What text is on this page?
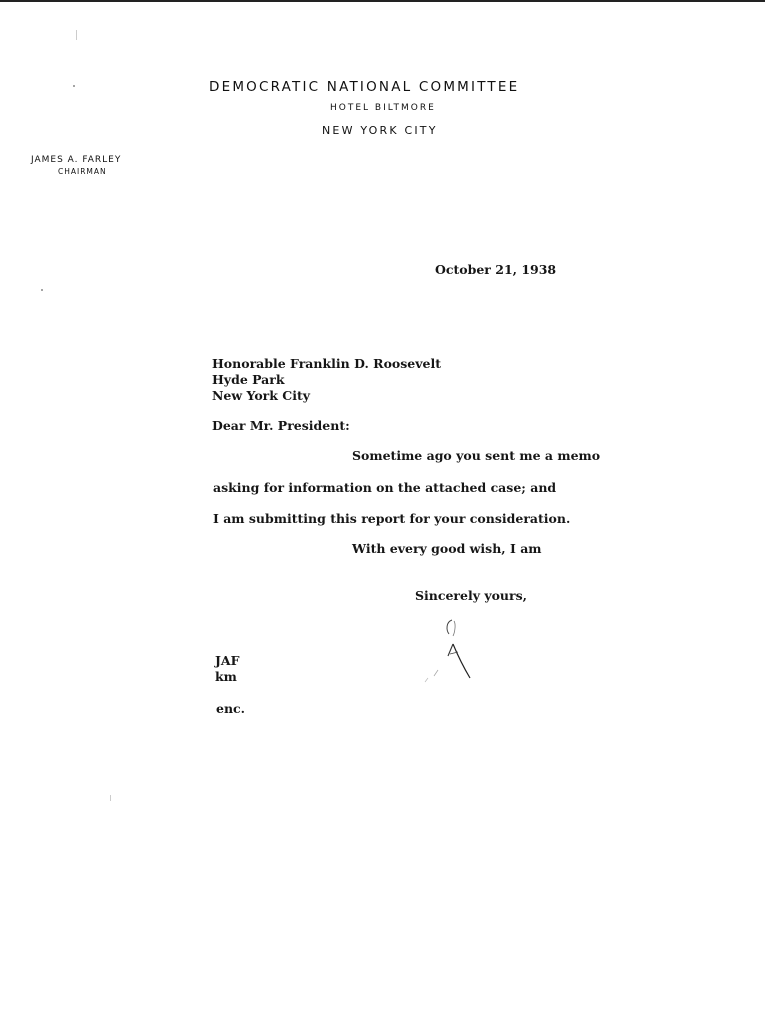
DEMOCRATIC NATIONAL COMMITTEE
HOTEL BILTMORE
NEW YORK CITY
JAMES A. FARLEY
CHAIRMAN
October 21, 1938
Honorable Franklin D. Roosevelt
Hyde Park
New York City
Dear Mr. President:
Sometime ago you sent me a memo
asking for information on the attached case; and
I am submitting this report for your consideration.
With every good wish, I am
Sincerely yours,
JAF
km
enc.
